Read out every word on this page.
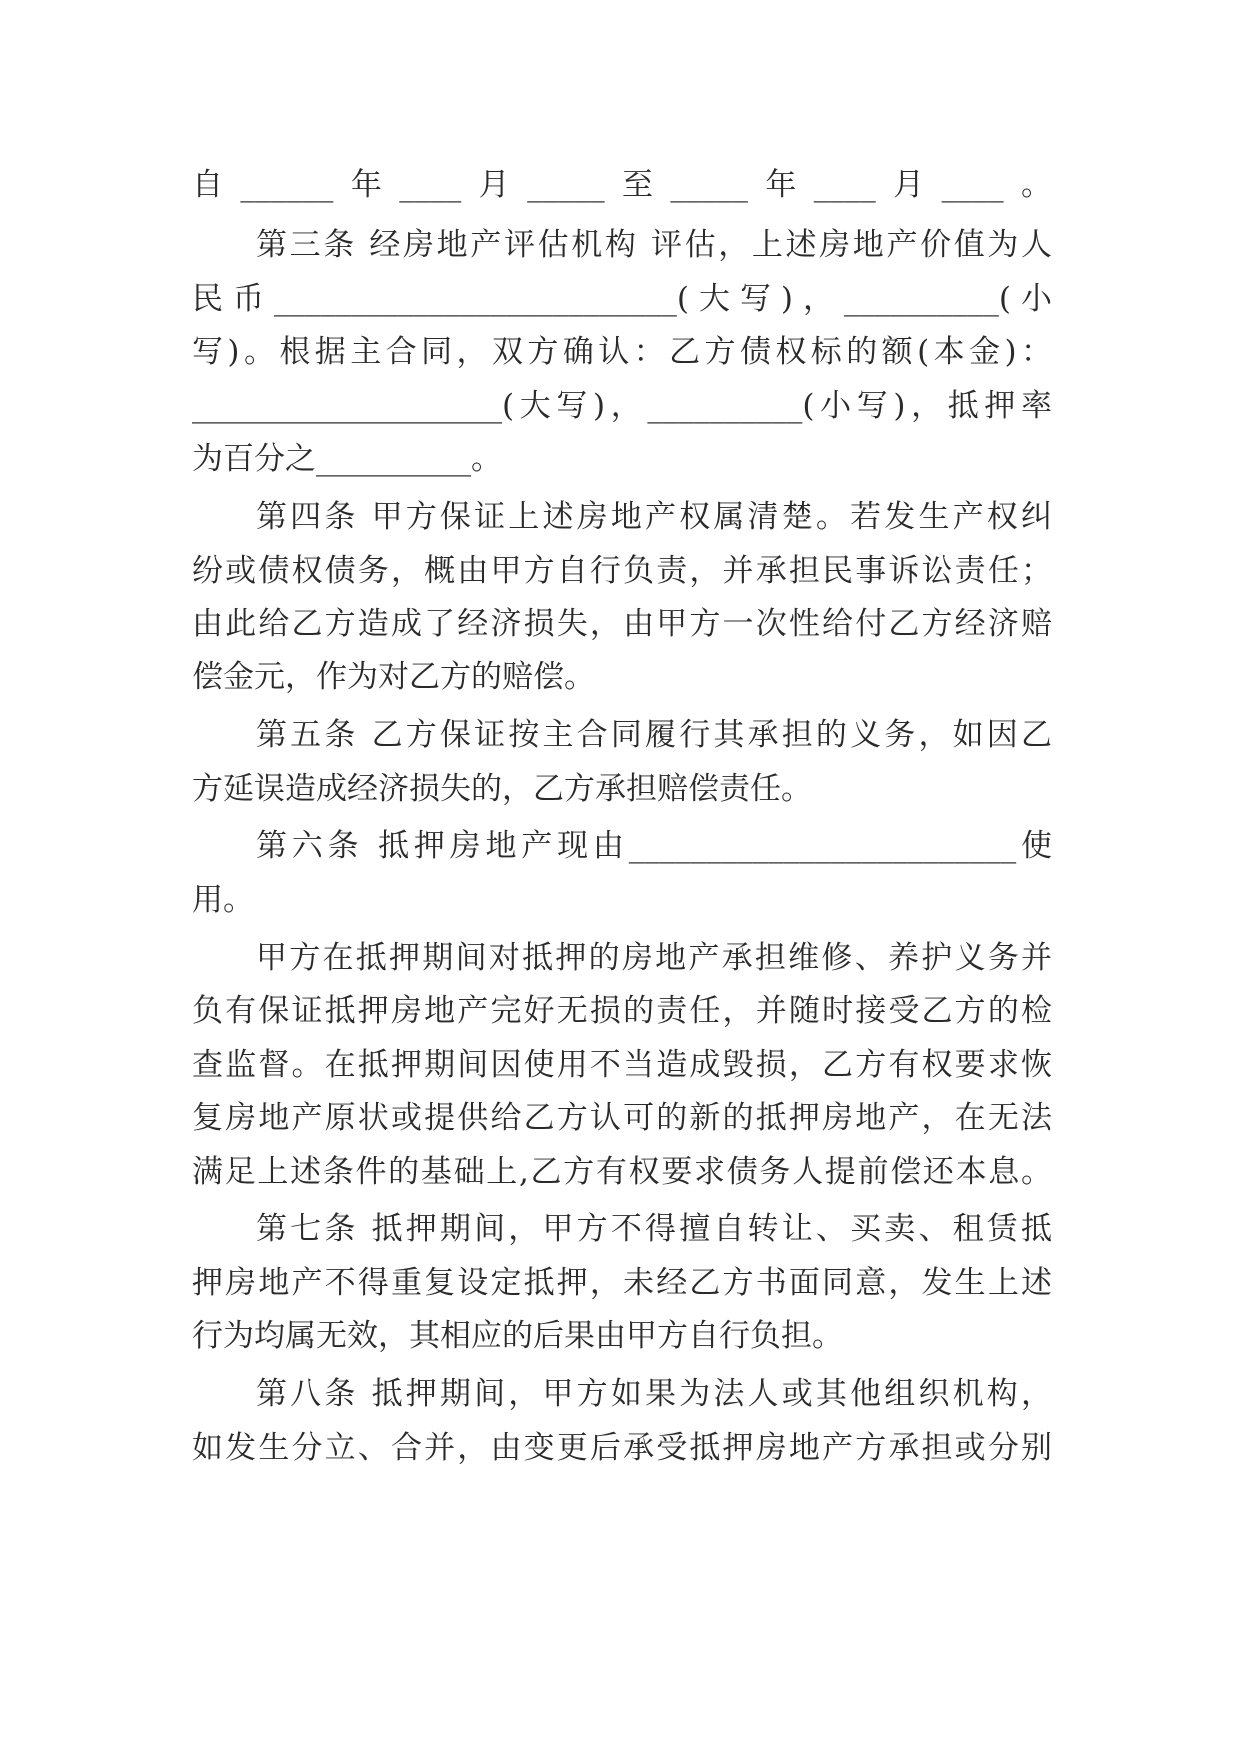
自______年____月_____至_____年____月____。
第三条 经房地产评估机构 评估，上述房地产价值为人
民币__________________________(大写)，__________(小
写)。根据主合同，双方确认：乙方债权标的额(本金)：
____________________(大写)，__________(小写)，抵押率
为百分之__________。
第四条 甲方保证上述房地产权属清楚。若发生产权纠
纷或债权债务，概由甲方自行负责，并承担民事诉讼责任；
由此给乙方造成了经济损失，由甲方一次性给付乙方经济赔
偿金元，作为对乙方的赔偿。
第五条 乙方保证按主合同履行其承担的义务，如因乙
方延误造成经济损失的，乙方承担赔偿责任。
第六条 抵押房地产现由_________________________使
用。
甲方在抵押期间对抵押的房地产承担维修、养护义务并
负有保证抵押房地产完好无损的责任，并随时接受乙方的检
查监督。在抵押期间因使用不当造成毁损，乙方有权要求恢
复房地产原状或提供给乙方认可的新的抵押房地产，在无法
满足上述条件的基础上,乙方有权要求债务人提前偿还本息。
第七条 抵押期间，甲方不得擅自转让、买卖、租赁抵
押房地产不得重复设定抵押，未经乙方书面同意，发生上述
行为均属无效，其相应的后果由甲方自行负担。
第八条 抵押期间，甲方如果为法人或其他组织机构，
如发生分立、合并，由变更后承受抵押房地产方承担或分别
